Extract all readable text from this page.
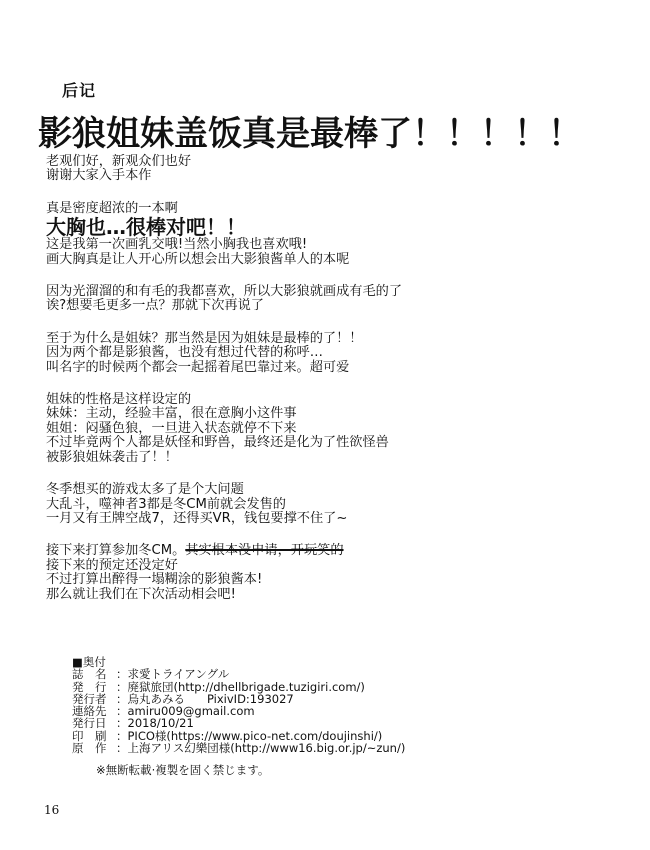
后记
影狼姐妹盖饭真是最棒了！！！！！
老观们好，新观众们也好
谢谢大家入手本作
真是密度超浓的一本啊
大胸也…很棒对吧！！
这是我第一次画乳交哦!当然小胸我也喜欢哦!
画大胸真是让人开心所以想会出大影狼酱单人的本呢
因为光溜溜的和有毛的我都喜欢，所以大影狼就画成有毛的了
诶?想要毛更多一点？那就下次再说了
至于为什么是姐妹？那当然是因为姐妹是最棒的了！！
因为两个都是影狼酱，也没有想过代替的称呼…
叫名字的时候两个都会一起摇着尾巴靠过来。超可爱
姐妹的性格是这样设定的
妹妹：主动，经验丰富，很在意胸小这件事
姐姐：闷骚色狼，一旦进入状态就停不下来
不过毕竟两个人都是妖怪和野兽，最终还是化为了性欲怪兽
被影狼姐妹袭击了！！
冬季想买的游戏太多了是个大问题
大乱斗，噬神者3都是冬CM前就会发售的
一月又有王牌空战7，还得买VR，钱包要撑不住了~
接下来打算参加冬CM。其实根本没申请，开玩笑的
接下来的预定还没定好
不过打算出醉得一塌糊涂的影狼酱本!
那么就让我们在下次活动相会吧!
■奥付
誌　名 ：求愛トライアングル
発　行 ：廃獄旅団(http://dhellbrigade.tuzigiri.com/)
発行者 ：烏丸あみる PixivID:193027
連絡先 ：amiru009@gmail.com
発行日 ：2018/10/21
印　刷 ：PICO様(https://www.pico-net.com/doujinshi/)
原　作 ：上海アリス幻樂団様(http://www16.big.or.jp/~zun/)
※無断転載·複製を固く禁じます。
16
